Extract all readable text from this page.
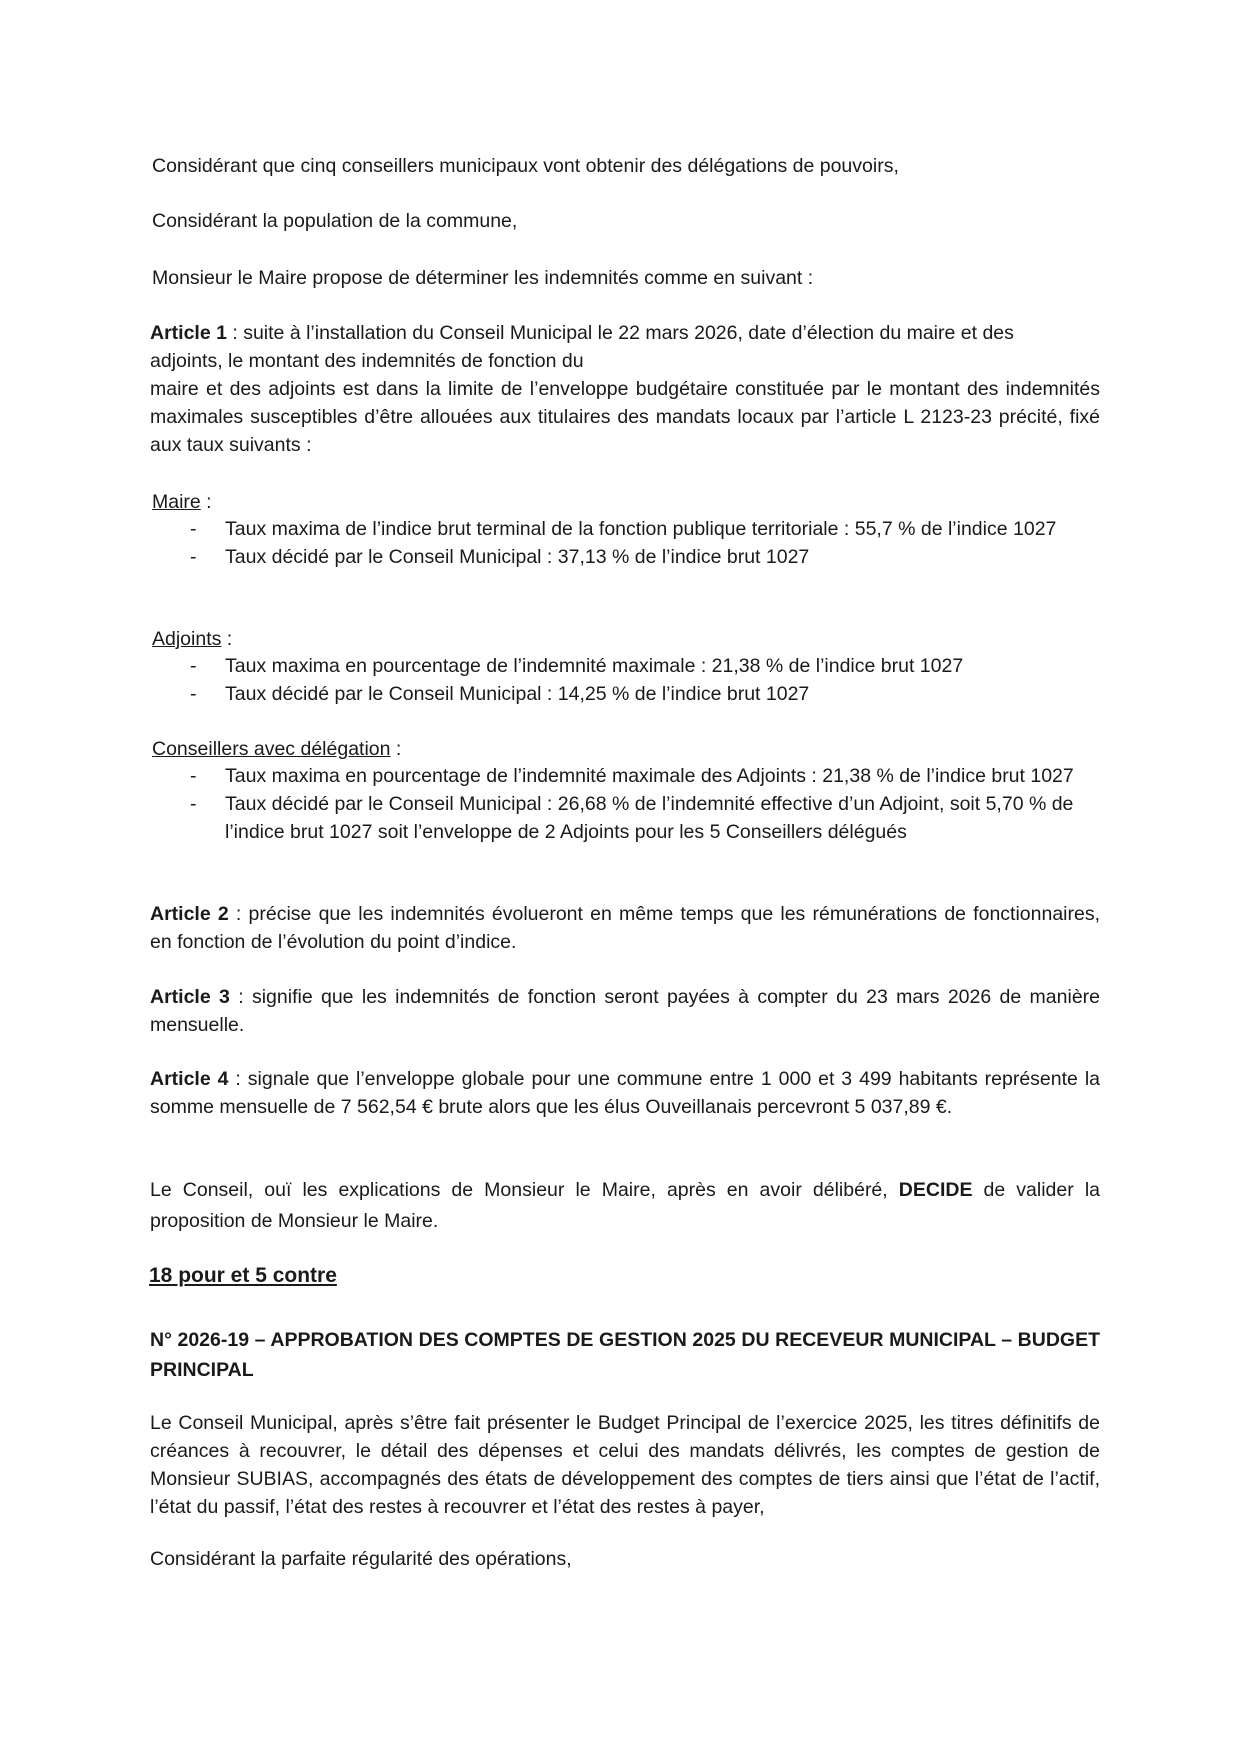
Considérant que cinq conseillers municipaux vont obtenir des délégations de pouvoirs,
Considérant la population de la commune,
Monsieur le Maire propose de déterminer les indemnités comme en suivant :

Article 1 : suite à l’installation du Conseil Municipal le 22 mars 2026, date d’élection du maire et des

adjoints, le montant des indemnités de fonction du

maire et des adjoints est dans la limite de l’enveloppe budgétaire constituée par le montant des indemnités maximales susceptibles d’être allouées aux titulaires des mandats locaux par l’article L 2123-23 précité, fixé aux taux suivants :

Maire :
- Taux maxima de l’indice brut terminal de la fonction publique territoriale : 55,7 % de l’indice 1027
- Taux décidé par le Conseil Municipal : 37,13 % de l’indice brut 1027
Adjoints :
- Taux maxima en pourcentage de l’indemnité maximale : 21,38 % de l’indice brut 1027
- Taux décidé par le Conseil Municipal : 14,25 % de l’indice brut 1027
Conseillers avec délégation :
- Taux maxima en pourcentage de l’indemnité maximale des Adjoints : 21,38 % de l’indice brut 1027
- Taux décidé par le Conseil Municipal : 26,68 % de l’indemnité effective d’un Adjoint, soit 5,70 % de l’indice brut 1027 soit l’enveloppe de 2 Adjoints pour les 5 Conseillers délégués

Article 2 : précise que les indemnités évolueront en même temps que les rémunérations de fonctionnaires, en fonction de l’évolution du point d’indice.

Article 3 : signifie que les indemnités de fonction seront payées à compter du 23 mars 2026 de manière mensuelle.

Article 4 : signale que l’enveloppe globale pour une commune entre 1 000 et 3 499 habitants représente la somme mensuelle de 7 562,54 € brute alors que les élus Ouveillanais percevront 5 037,89 €.

Le Conseil, ouï les explications de Monsieur le Maire, après en avoir délibéré, DECIDE de valider la proposition de Monsieur le Maire.

18 pour et 5 contre
N° 2026-19 – APPROBATION DES COMPTES DE GESTION 2025 DU RECEVEUR MUNICIPAL – BUDGET PRINCIPAL
Le Conseil Municipal, après s’être fait présenter le Budget Principal de l’exercice 2025, les titres définitifs de créances à recouvrer, le détail des dépenses et celui des mandats délivrés, les comptes de gestion de Monsieur SUBIAS, accompagnés des états de développement des comptes de tiers ainsi que l’état de l’actif, l’état du passif, l’état des restes à recouvrer et l’état des restes à payer,
Considérant la parfaite régularité des opérations,
